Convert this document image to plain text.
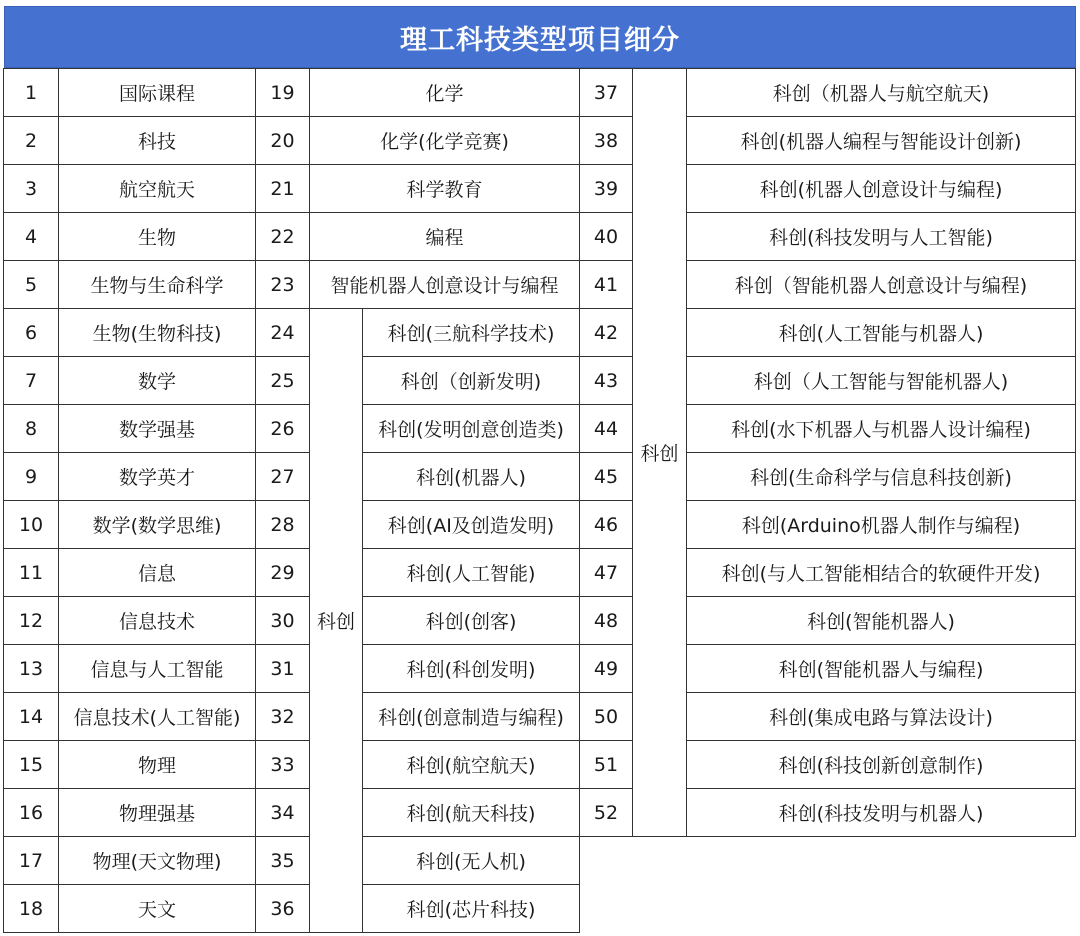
理工科技类型项目细分
1	国际课程
2	科技
3	航空航天
4	生物
5	生物与生命科学
6	生物(生物科技)
7	数学
8	数学强基
9	数学英才
10	数学(数学思维)
11	信息
12	信息技术
13	信息与人工智能
14	信息技术(人工智能)
15	物理
16	物理强基
17	物理(天文物理)
18	天文
19	化学
20	化学(化学竞赛)
21	科学教育
22	编程
23	智能机器人创意设计与编程
科创
24	科创(三航科学技术)
25	科创（创新发明)
26	科创(发明创意创造类)
27	科创(机器人)
28	科创(AI及创造发明)
29	科创(人工智能)
30	科创(创客)
31	科创(科创发明)
32	科创(创意制造与编程)
33	科创(航空航天)
34	科创(航天科技)
35	科创(无人机)
36	科创(芯片科技)
科创
37	科创（机器人与航空航天)
38	科创(机器人编程与智能设计创新)
39	科创(机器人创意设计与编程)
40	科创(科技发明与人工智能)
41	科创（智能机器人创意设计与编程)
42	科创(人工智能与机器人)
43	科创（人工智能与智能机器人)
44	科创(水下机器人与机器人设计编程)
45	科创(生命科学与信息科技创新)
46	科创(Arduino机器人制作与编程)
47	科创(与人工智能相结合的软硬件开发)
48	科创(智能机器人)
49	科创(智能机器人与编程)
50	科创(集成电路与算法设计)
51	科创(科技创新创意制作)
52	科创(科技发明与机器人)
